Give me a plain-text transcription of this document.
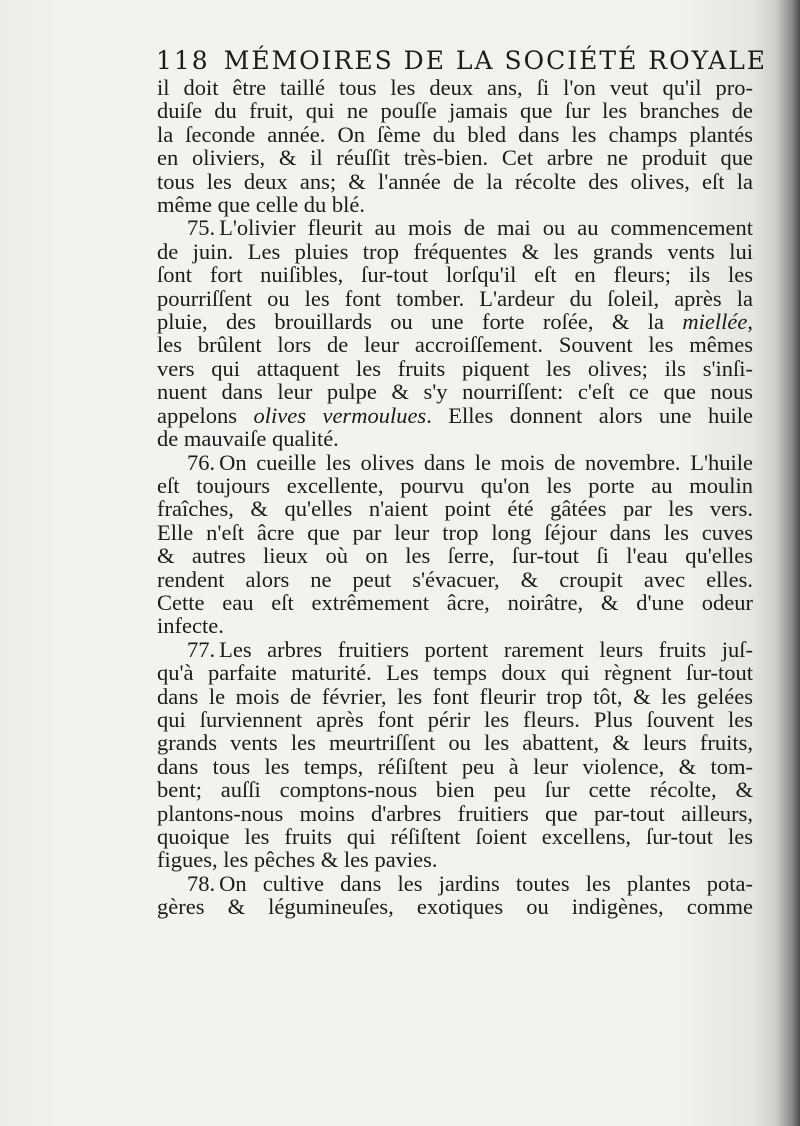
118 MÉMOIRES DE LA SOCIÉTÉ ROYALE

il doit être taillé tous les deux ans, ſi l'on veut qu'il pro-
duiſe du fruit, qui ne pouſſe jamais que ſur les branches de
la ſeconde année. On ſème du bled dans les champs plantés
en oliviers, & il réuſſit très-bien. Cet arbre ne produit que
tous les deux ans; & l'année de la récolte des olives, eſt la
même que celle du blé.

75. L'olivier fleurit au mois de mai ou au commencement
de juin. Les pluies trop fréquentes & les grands vents lui
ſont fort nuiſibles, ſur-tout lorſqu'il eſt en fleurs; ils les
pourriſſent ou les font tomber. L'ardeur du ſoleil, après la
pluie, des brouillards ou une forte roſée, & la miellée,
les brûlent lors de leur accroiſſement. Souvent les mêmes
vers qui attaquent les fruits piquent les olives; ils s'inſi-
nuent dans leur pulpe & s'y nourriſſent: c'eſt ce que nous
appelons olives vermoulues. Elles donnent alors une huile
de mauvaiſe qualité.

76. On cueille les olives dans le mois de novembre. L'huile
eſt toujours excellente, pourvu qu'on les porte au moulin
fraîches, & qu'elles n'aient point été gâtées par les vers.
Elle n'eſt âcre que par leur trop long ſéjour dans les cuves
& autres lieux où on les ſerre, ſur-tout ſi l'eau qu'elles
rendent alors ne peut s'évacuer, & croupit avec elles.
Cette eau eſt extrêmement âcre, noirâtre, & d'une odeur
infecte.

77. Les arbres fruitiers portent rarement leurs fruits juſ-
qu'à parfaite maturité. Les temps doux qui règnent ſur-tout
dans le mois de février, les font fleurir trop tôt, & les gelées
qui ſurviennent après font périr les fleurs. Plus ſouvent les
grands vents les meurtriſſent ou les abattent, & leurs fruits,
dans tous les temps, réſiſtent peu à leur violence, & tom-
bent; auſſi comptons-nous bien peu ſur cette récolte, &
plantons-nous moins d'arbres fruitiers que par-tout ailleurs,
quoique les fruits qui réſiſtent ſoient excellens, ſur-tout les
figues, les pêches & les pavies.

78. On cultive dans les jardins toutes les plantes pota-
gères & légumineuſes, exotiques ou indigènes, comme
